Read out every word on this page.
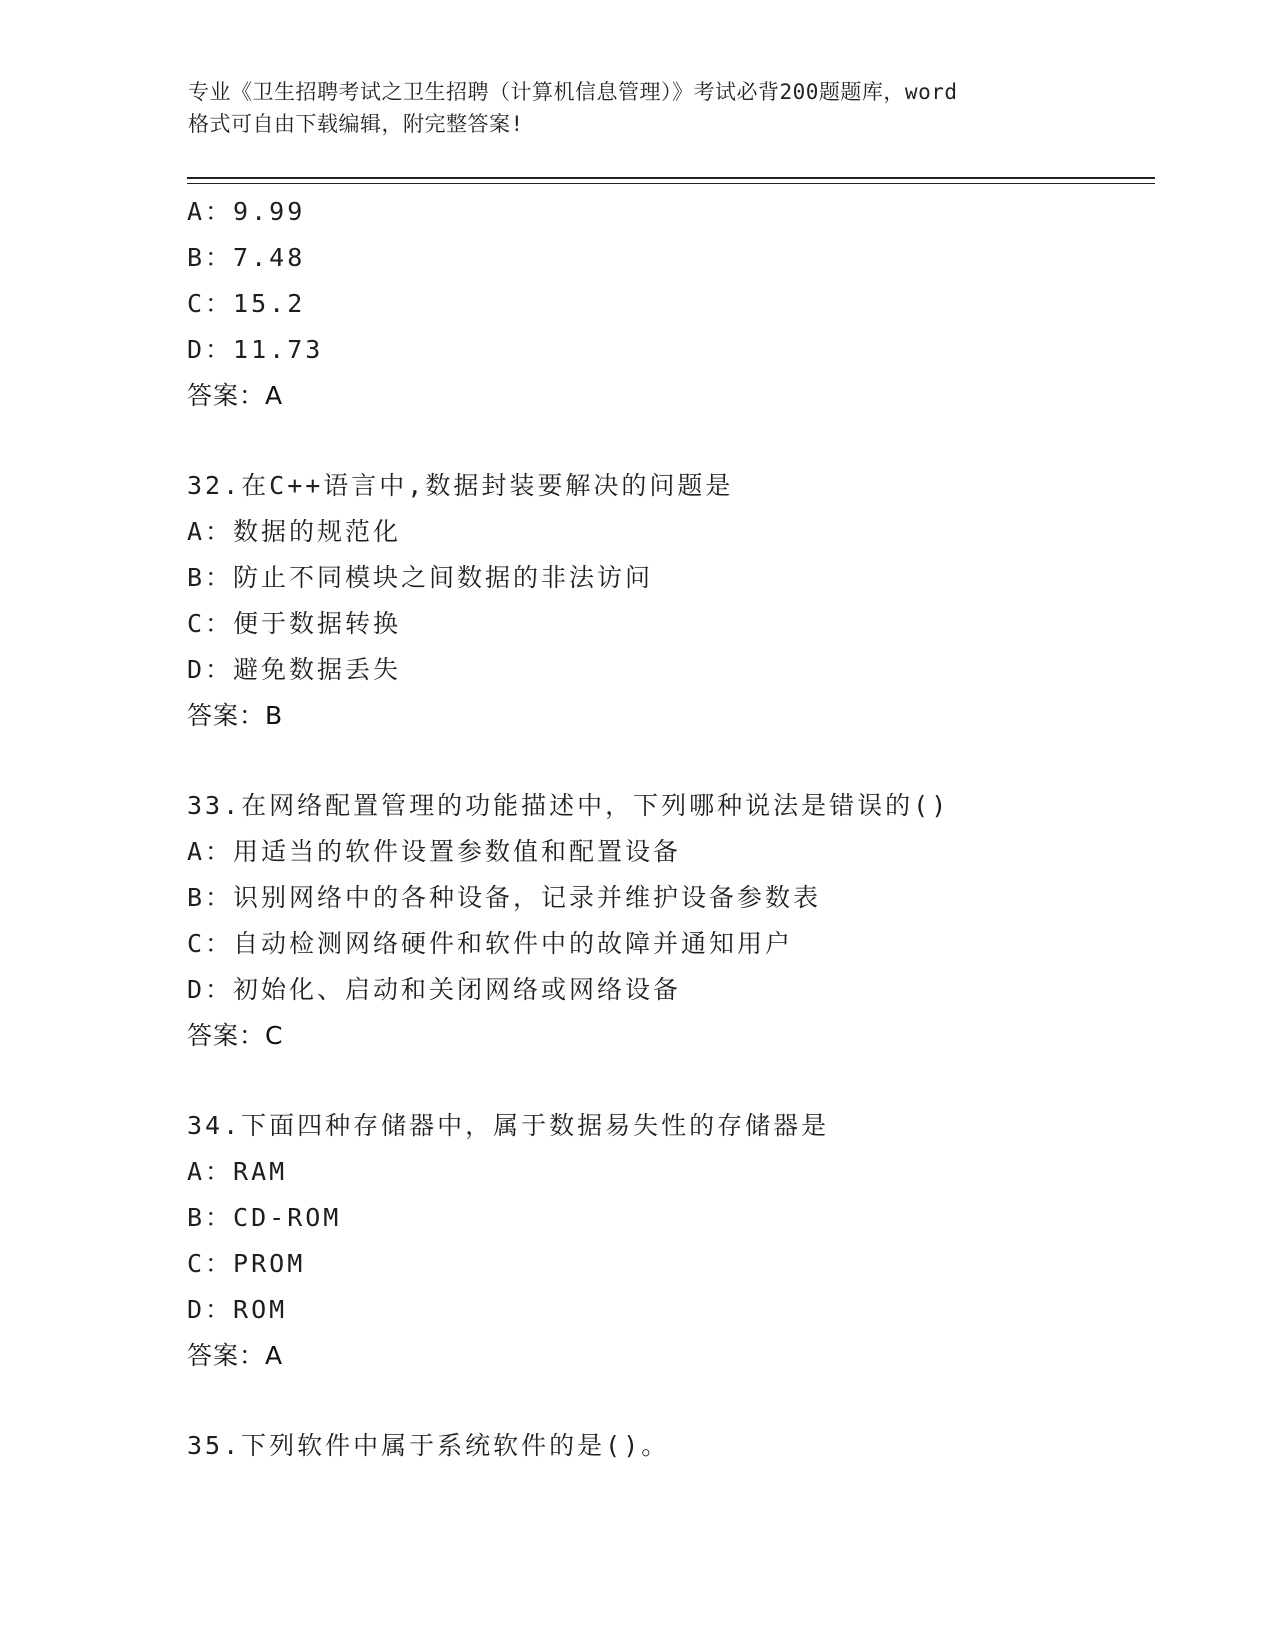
专业《卫生招聘考试之卫生招聘（计算机信息管理）》考试必背200题题库，word
格式可自由下载编辑，附完整答案!
A：9.99
B：7.48
C：15.2
D：11.73
答案：A
32.在C++语言中,数据封装要解决的问题是
A：数据的规范化
B：防止不同模块之间数据的非法访问
C：便于数据转换
D：避免数据丢失
答案：B
33.在网络配置管理的功能描述中，下列哪种说法是错误的()
A：用适当的软件设置参数值和配置设备
B：识别网络中的各种设备，记录并维护设备参数表
C：自动检测网络硬件和软件中的故障并通知用户
D：初始化、启动和关闭网络或网络设备
答案：C
34.下面四种存储器中，属于数据易失性的存储器是
A：RAM
B：CD-ROM
C：PROM
D：ROM
答案：A
35.下列软件中属于系统软件的是()。
